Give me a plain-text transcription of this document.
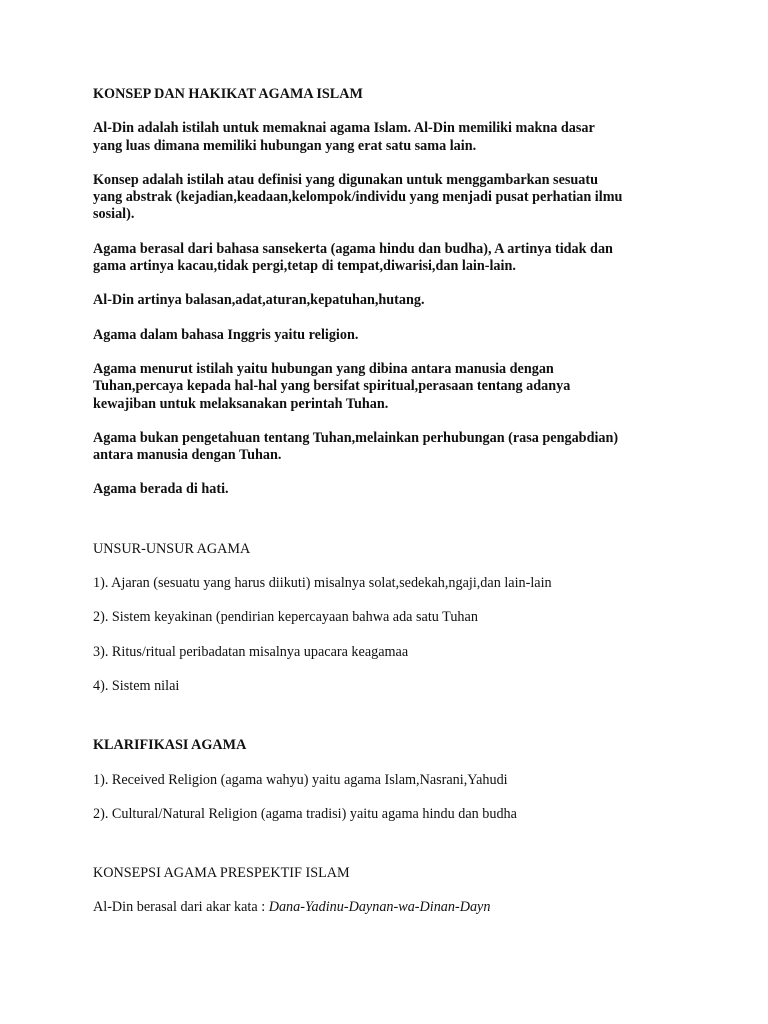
KONSEP DAN HAKIKAT AGAMA ISLAM

Al-Din adalah istilah untuk memaknai agama Islam. Al-Din memiliki makna dasar
yang luas dimana memiliki hubungan yang erat satu sama lain.

Konsep adalah istilah atau definisi yang digunakan untuk menggambarkan sesuatu
yang abstrak (kejadian,keadaan,kelompok/individu yang menjadi pusat perhatian ilmu
sosial).

Agama berasal dari bahasa sansekerta (agama hindu dan budha), A artinya tidak dan
gama artinya kacau,tidak pergi,tetap di tempat,diwarisi,dan lain-lain.

Al-Din artinya balasan,adat,aturan,kepatuhan,hutang.

Agama dalam bahasa Inggris yaitu religion.

Agama menurut istilah yaitu hubungan yang dibina antara manusia dengan
Tuhan,percaya kepada hal-hal yang bersifat spiritual,perasaan tentang adanya
kewajiban untuk melaksanakan perintah Tuhan.

Agama bukan pengetahuan tentang Tuhan,melainkan perhubungan (rasa pengabdian)
antara manusia dengan Tuhan.

Agama berada di hati.

UNSUR-UNSUR AGAMA

1). Ajaran (sesuatu yang harus diikuti) misalnya solat,sedekah,ngaji,dan lain-lain

2). Sistem keyakinan (pendirian kepercayaan bahwa ada satu Tuhan

3). Ritus/ritual peribadatan misalnya upacara keagamaa

4). Sistem nilai

KLARIFIKASI AGAMA

1). Received Religion (agama wahyu) yaitu agama Islam,Nasrani,Yahudi

2). Cultural/Natural Religion (agama tradisi) yaitu agama hindu dan budha

KONSEPSI AGAMA PRESPEKTIF ISLAM

Al-Din berasal dari akar kata : Dana-Yadinu-Daynan-wa-Dinan-Dayn
